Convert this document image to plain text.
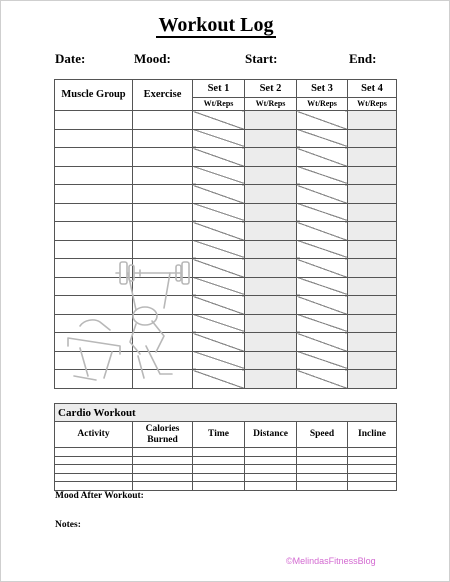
Workout Log
Date:	Mood:	Start:	End:
Muscle Group	Exercise	Set 1	Set 2	Set 3	Set 4
		Wt/Reps	Wt/Reps	Wt/Reps	Wt/Reps

Cardio Workout					
Activity	Calories Burned	Time	Distance	Speed	Incline

Mood After Workout:
Notes:
©MelindasFitnessBlog
